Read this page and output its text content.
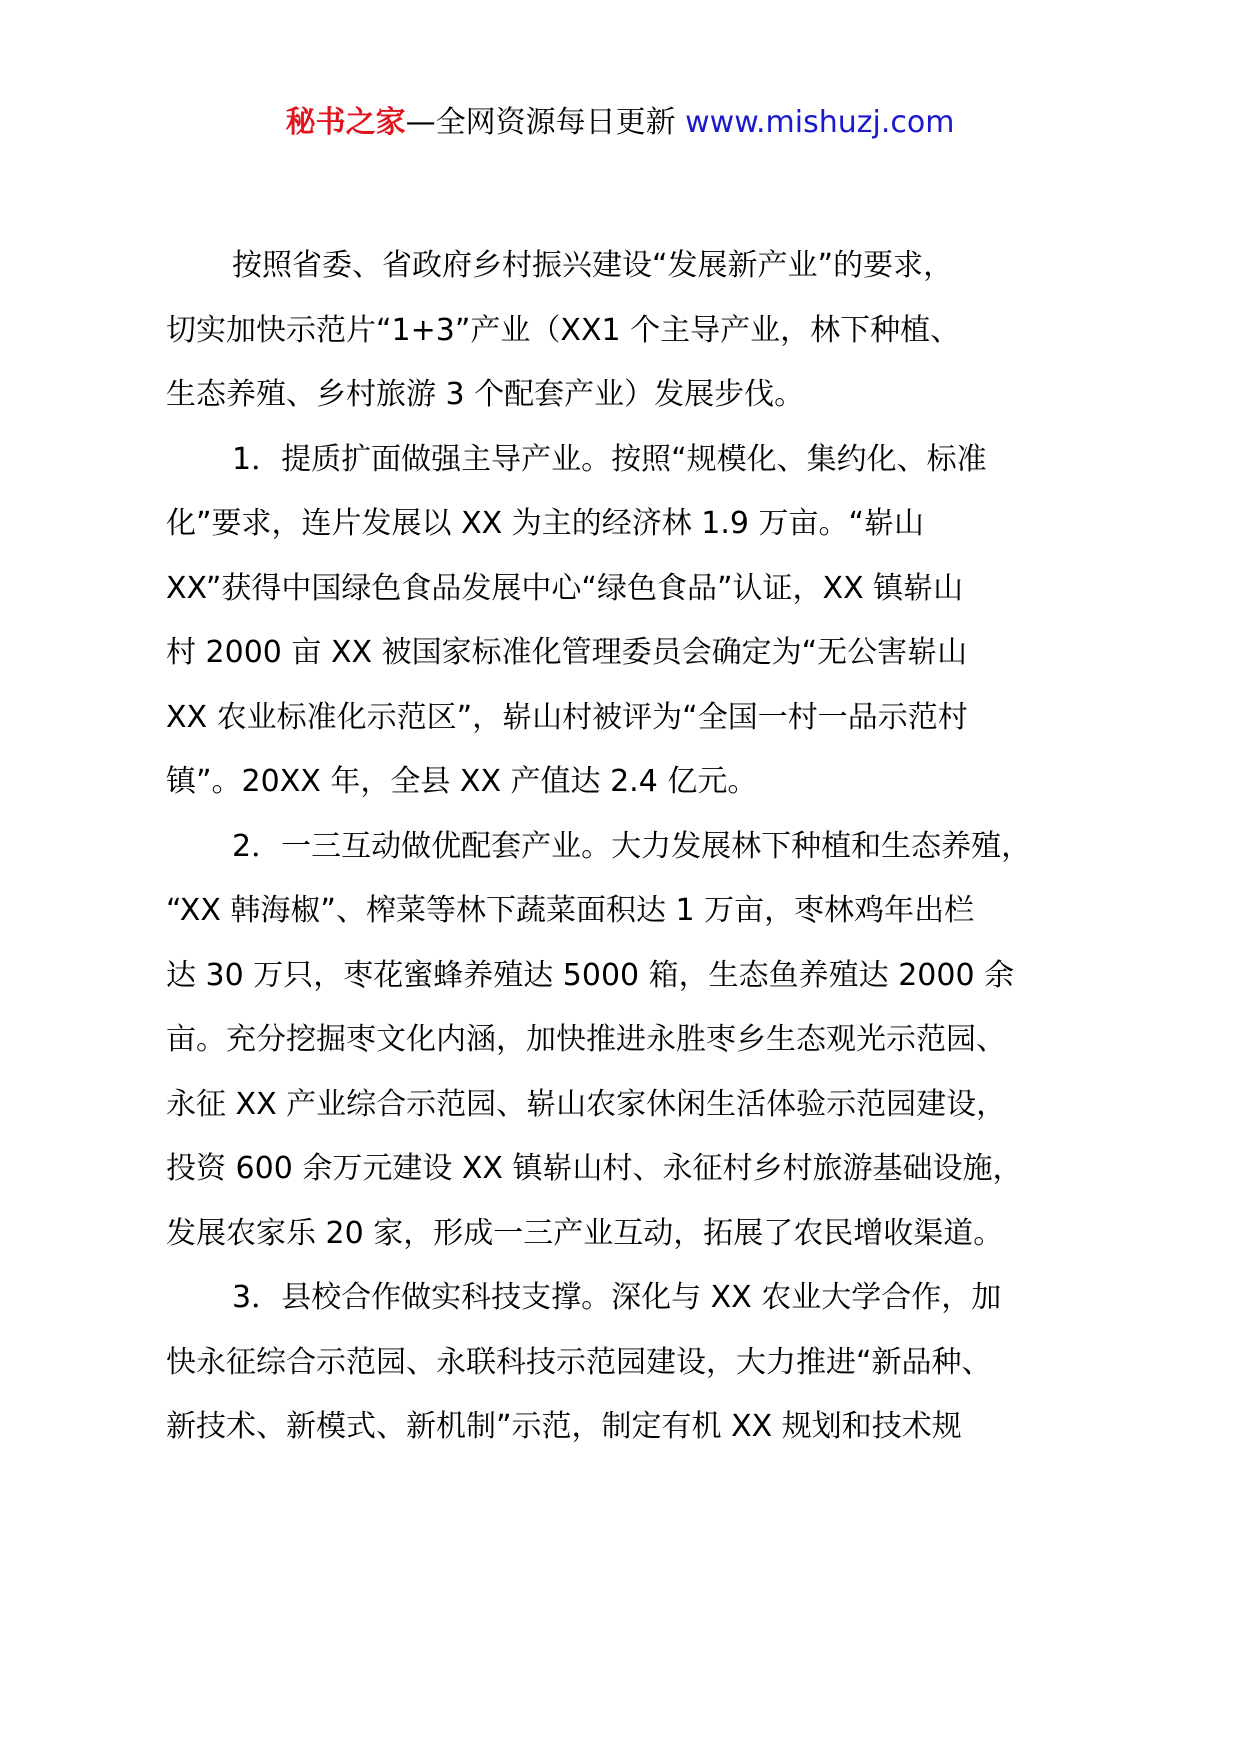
秘书之家—全网资源每日更新 www.mishuzj.com
按照省委、省政府乡村振兴建设“发展新产业”的要求，
切实加快示范片“1+3”产业（XX1 个主导产业，林下种植、
生态养殖、乡村旅游 3 个配套产业）发展步伐。
1．提质扩面做强主导产业。按照“规模化、集约化、标准
化”要求，连片发展以 XX 为主的经济林 1.9 万亩。“崭山
XX”获得中国绿色食品发展中心“绿色食品”认证，XX 镇崭山
村 2000 亩 XX 被国家标准化管理委员会确定为“无公害崭山
XX 农业标准化示范区”，崭山村被评为“全国一村一品示范村
镇”。20XX 年，全县 XX 产值达 2.4 亿元。
2．一三互动做优配套产业。大力发展林下种植和生态养殖，
“XX 韩海椒”、榨菜等林下蔬菜面积达 1 万亩，枣林鸡年出栏
达 30 万只，枣花蜜蜂养殖达 5000 箱，生态鱼养殖达 2000 余
亩。充分挖掘枣文化内涵，加快推进永胜枣乡生态观光示范园、
永征 XX 产业综合示范园、崭山农家休闲生活体验示范园建设，
投资 600 余万元建设 XX 镇崭山村、永征村乡村旅游基础设施，
发展农家乐 20 家，形成一三产业互动，拓展了农民增收渠道。
3．县校合作做实科技支撑。深化与 XX 农业大学合作，加
快永征综合示范园、永联科技示范园建设，大力推进“新品种、
新技术、新模式、新机制”示范，制定有机 XX 规划和技术规
